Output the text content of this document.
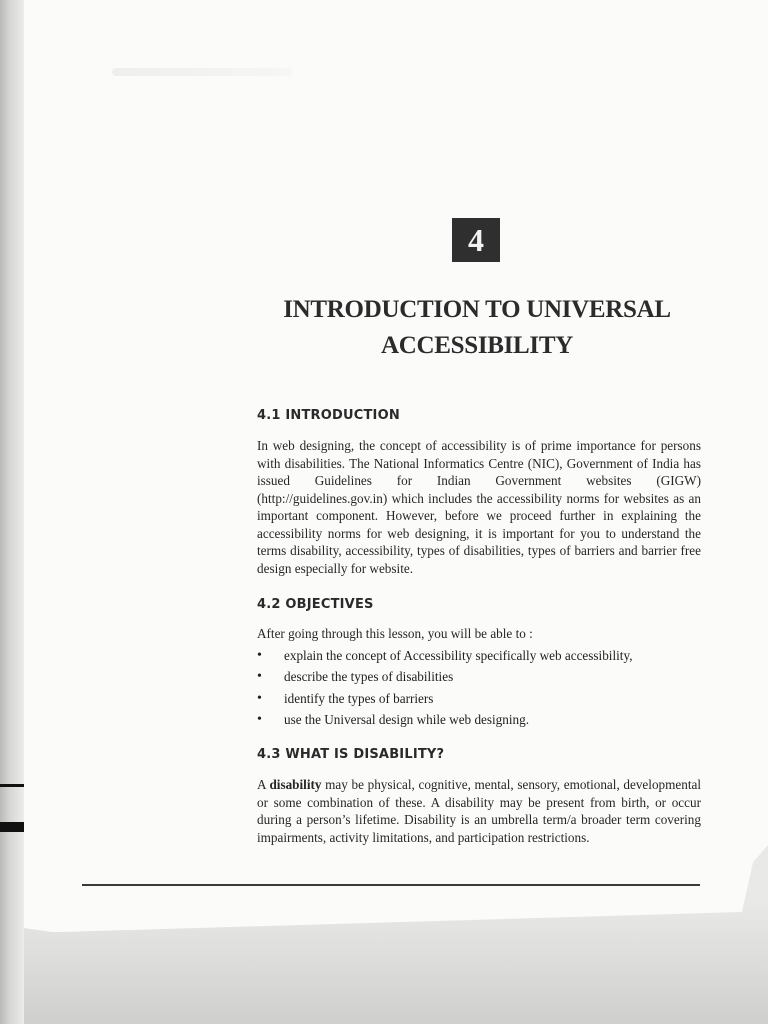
4
INTRODUCTION TO UNIVERSAL
ACCESSIBILITY
4.1 INTRODUCTION

In web designing, the concept of accessibility is of prime importance for persons with disabilities. The National Informatics Centre (NIC), Government of India has issued Guidelines for Indian Government websites (GIGW) (http://guidelines.gov.in) which includes the accessibility norms for websites as an important component. However, before we proceed further in explaining the accessibility norms for web designing, it is important for you to understand the terms disability, accessibility, types of disabilities, types of barriers and barrier free design especially for website.

4.2 OBJECTIVES

After going through this lesson, you will be able to :

• explain the concept of Accessibility specifically web accessibility,
• describe the types of disabilities
• identify the types of barriers
• use the Universal design while web designing.
4.3 WHAT IS DISABILITY?

A disability may be physical, cognitive, mental, sensory, emotional, developmental or some combination of these. A disability may be present from birth, or occur during a person’s lifetime. Disability is an umbrella term/a broader term covering impairments, activity limitations, and participation restrictions.
